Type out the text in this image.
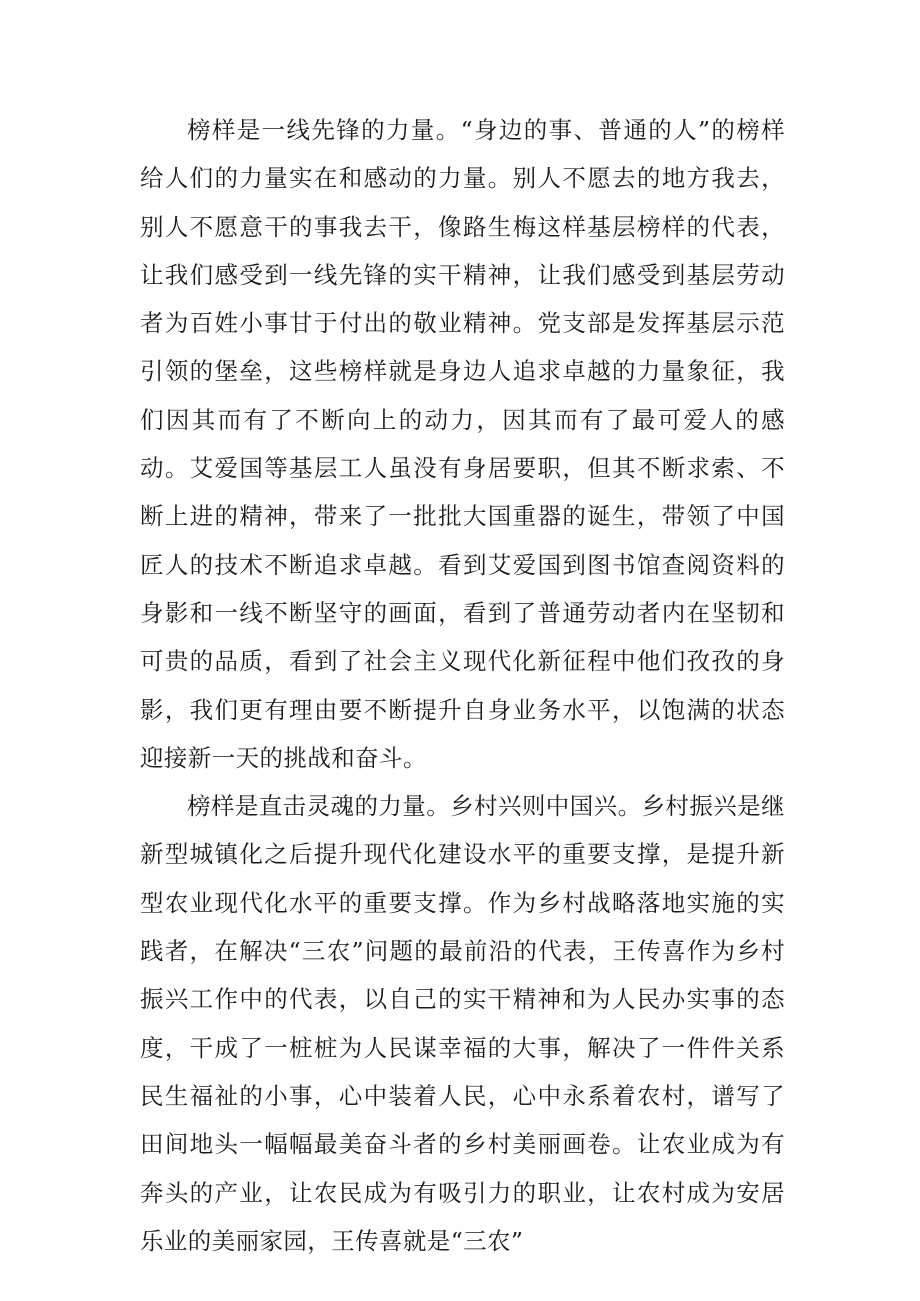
榜样是一线先锋的力量。“身边的事、普通的人”的榜样给人们的力量实在和感动的力量。别人不愿去的地方我去，别人不愿意干的事我去干，像路生梅这样基层榜样的代表，让我们感受到一线先锋的实干精神，让我们感受到基层劳动者为百姓小事甘于付出的敬业精神。党支部是发挥基层示范引领的堡垒，这些榜样就是身边人追求卓越的力量象征，我们因其而有了不断向上的动力，因其而有了最可爱人的感动。艾爱国等基层工人虽没有身居要职，但其不断求索、不断上进的精神，带来了一批批大国重器的诞生，带领了中国匠人的技术不断追求卓越。看到艾爱国到图书馆查阅资料的身影和一线不断坚守的画面，看到了普通劳动者内在坚韧和可贵的品质，看到了社会主义现代化新征程中他们孜孜的身影，我们更有理由要不断提升自身业务水平，以饱满的状态迎接新一天的挑战和奋斗。

榜样是直击灵魂的力量。乡村兴则中国兴。乡村振兴是继新型城镇化之后提升现代化建设水平的重要支撑，是提升新型农业现代化水平的重要支撑。作为乡村战略落地实施的实践者，在解决“三农”问题的最前沿的代表，王传喜作为乡村振兴工作中的代表，以自己的实干精神和为人民办实事的态度，干成了一桩桩为人民谋幸福的大事，解决了一件件关系民生福祉的小事，心中装着人民，心中永系着农村，谱写了田间地头一幅幅最美奋斗者的乡村美丽画卷。让农业成为有奔头的产业，让农民成为有吸引力的职业，让农村成为安居乐业的美丽家园，王传喜就是“三农”
